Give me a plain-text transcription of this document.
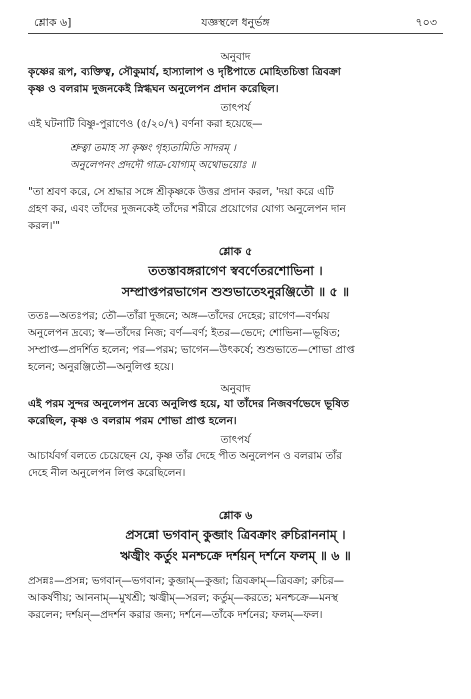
শ্লোক ৬]	যজ্ঞস্থলে ধনুর্ভঙ্গ	৭০৩
অনুবাদ
কৃষ্ণের রূপ, ব্যক্তিত্ব, সৌকুমার্য, হাস্যালাপ ও দৃষ্টিপাতে মোহিতচিত্তা ত্রিবক্রা
কৃষ্ণ ও বলরাম দুজনকেই স্নিগ্ধঘন অনুলেপন প্রদান করেছিল।
তাৎপর্য
এই ঘটনাটি বিষ্ণু-পুরাণেও (৫/২০/৭) বর্ণনা করা হয়েছে—
শ্রুত্বা তমাহ সা কৃষ্ণং গৃহ্যতামিতি সাদরম্ ।
অনুলেপনং প্রদদৌ গাত্র-যোগ্যম্ অথোভয়োঃ ॥
"তা শ্রবণ করে, সে শ্রদ্ধার সঙ্গে শ্রীকৃষ্ণকে উত্তর প্রদান করল, 'দয়া করে এটি
গ্রহণ কর, এবং তাঁদের দুজনকেই তাঁদের শরীরে প্রয়োগের যোগ্য অনুলেপন দান
করল।'"
শ্লোক ৫
ততস্তাবঙ্গরাগেণ স্ববর্ণেতরশোভিনা ।
সম্প্রাপ্তপরভাগেন শুশুভাতেঽনুরঞ্জিতৌ ॥ ৫ ॥
ততঃ—অতঃপর; তৌ—তাঁরা দুজনে; অঙ্গ—তাঁদের দেহের; রাগেণ—বর্ণময়
অনুলেপন দ্রব্যে; স্ব—তাঁদের নিজ; বর্ণ—বর্ণ; ইতর—ভেদে; শোভিনা—ভূষিত;
সম্প্রাপ্ত—প্রদর্শিত হলেন; পর—পরম; ভাগেন—উৎকর্ষে; শুশুভাতে—শোভা প্রাপ্ত
হলেন; অনুরঞ্জিতৌ—অনুলিপ্ত হয়ে।
অনুবাদ
এই পরম সুন্দর অনুলেপন দ্রব্যে অনুলিপ্ত হয়ে, যা তাঁদের নিজবর্ণভেদে ভূষিত
করেছিল, কৃষ্ণ ও বলরাম পরম শোভা প্রাপ্ত হলেন।
তাৎপর্য
আচার্যবর্গ বলতে চেয়েছেন যে, কৃষ্ণ তাঁর দেহে পীত অনুলেপন ও বলরাম তাঁর
দেহে নীল অনুলেপন লিপ্ত করেছিলেন।
শ্লোক ৬
প্রসন্নো ভগবান্ কুব্জাং ত্রিবক্রাং রুচিরাননাম্ ।
ঋজ্বীং কর্তুং মনশ্চক্রে দর্শয়ন্ দর্শনে ফলম্ ॥ ৬ ॥
প্রসন্নঃ—প্রসন্ন; ভগবান্—ভগবান; কুব্জাম্—কুব্জা; ত্রিবক্রাম্—ত্রিবক্রা; রুচির—
আকর্ষণীয়; আননাম্—মুখশ্রী; ঋজ্বীম্—সরল; কর্তুম্—করতে; মনশ্চক্রে—মনস্থ
করলেন; দর্শয়ন্—প্রদর্শন করার জন্য; দর্শনে—তাঁকে দর্শনের; ফলম্—ফল।
